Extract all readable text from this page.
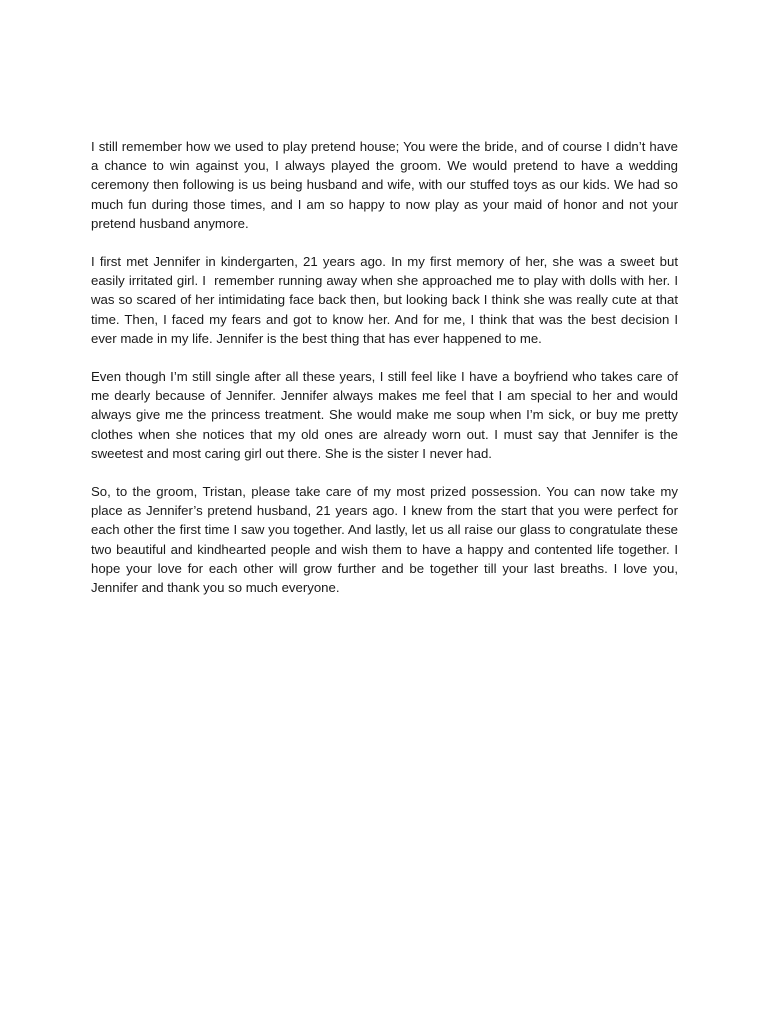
I still remember how we used to play pretend house; You were the bride, and of course I didn’t have a chance to win against you, I always played the groom. We would pretend to have a wedding ceremony then following is us being husband and wife, with our stuffed toys as our kids. We had so much fun during those times, and I am so happy to now play as your maid of honor and not your pretend husband anymore.

I first met Jennifer in kindergarten, 21 years ago. In my first memory of her, she was a sweet but easily irritated girl. I  remember running away when she approached me to play with dolls with her. I was so scared of her intimidating face back then, but looking back I think she was really cute at that time. Then, I faced my fears and got to know her. And for me, I think that was the best decision I ever made in my life. Jennifer is the best thing that has ever happened to me.

Even though I’m still single after all these years, I still feel like I have a boyfriend who takes care of me dearly because of Jennifer. Jennifer always makes me feel that I am special to her and would always give me the princess treatment. She would make me soup when I’m sick, or buy me pretty clothes when she notices that my old ones are already worn out. I must say that Jennifer is the sweetest and most caring girl out there. She is the sister I never had.

So, to the groom, Tristan, please take care of my most prized possession. You can now take my place as Jennifer’s pretend husband, 21 years ago. I knew from the start that you were perfect for each other the first time I saw you together. And lastly, let us all raise our glass to congratulate these two beautiful and kindhearted people and wish them to have a happy and contented life together. I hope your love for each other will grow further and be together till your last breaths. I love you, Jennifer and thank you so much everyone.
